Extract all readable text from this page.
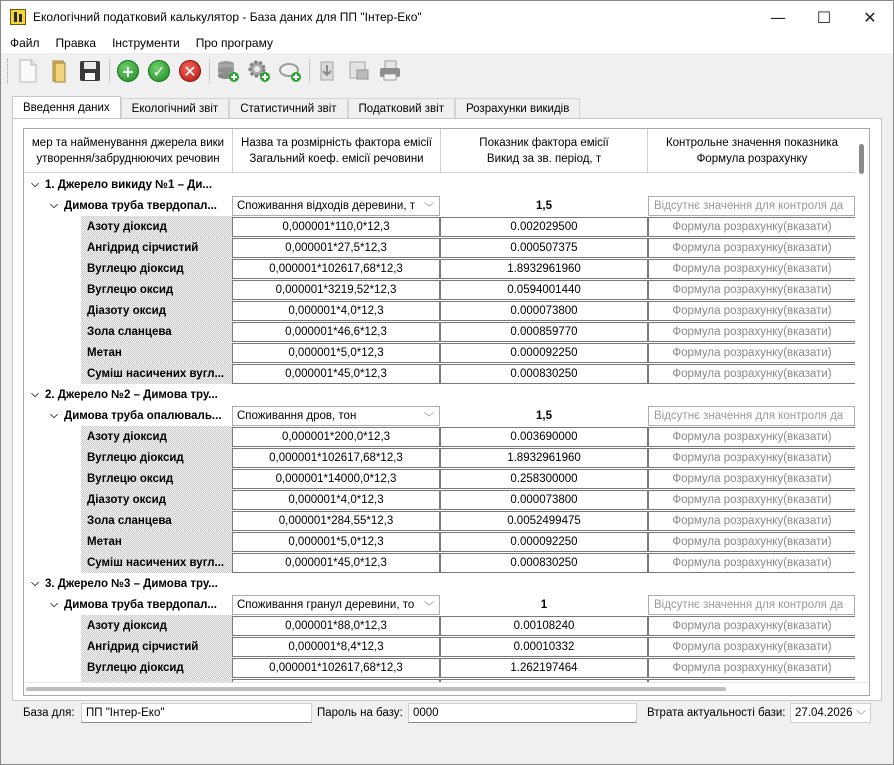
Екологічний податковий калькулятор - База даних для ПП "Інтер-Еко"	—	☐	✕
Файл	Правка	Інструменти	Про програму
+ ✓ ✕
Введення даних	Екологічний звіт	Статистичний звіт	Податковий звіт	Розрахунки викидів
мер та найменування джерела вики
утворення/забруднюючих речовин
Назва та розмірність фактора емісії
Загальний коеф. емісії речовини
Показник фактора емісії
Викид за зв. період, т
Контрольне значення показника
Формула розрахунку
⌵ 1. Джерело викиду №1 – Ди...
⌵ Димова труба твердопал... Споживання відходів деревини, т ﹀	1,5	Відсутнє значення для контроля да
Азоту діоксид	0,000001*110,0*12,3	0.002029500	Формула розрахунку(вказати)
Ангідрид сірчистий	0,000001*27,5*12,3	0.000507375	Формула розрахунку(вказати)
Вуглецю діоксид	0,000001*102617,68*12,3	1.8932961960	Формула розрахунку(вказати)
Вуглецю оксид	0,000001*3219,52*12,3	0.0594001440	Формула розрахунку(вказати)
Діазоту оксид	0,000001*4,0*12,3	0.000073800	Формула розрахунку(вказати)
Зола сланцева	0,000001*46,6*12,3	0.000859770	Формула розрахунку(вказати)
Метан	0,000001*5,0*12,3	0.000092250	Формула розрахунку(вказати)
Суміш насичених вугл...	0,000001*45,0*12,3	0.000830250	Формула розрахунку(вказати)
⌵ 2. Джерело №2 – Димова тру...
⌵ Димова труба опалюваль... Споживання дров, тон	﹀	1,5	Відсутнє значення для контроля да
Азоту діоксид	0,000001*200,0*12,3	0.003690000	Формула розрахунку(вказати)
Вуглецю діоксид	0,000001*102617,68*12,3	1.8932961960	Формула розрахунку(вказати)
Вуглецю оксид	0,000001*14000,0*12,3	0.258300000	Формула розрахунку(вказати)
Діазоту оксид	0,000001*4,0*12,3	0.000073800	Формула розрахунку(вказати)
Зола сланцева	0,000001*284,55*12,3	0.0052499475	Формула розрахунку(вказати)
Метан	0,000001*5,0*12,3	0.000092250	Формула розрахунку(вказати)
Суміш насичених вугл...	0,000001*45,0*12,3	0.000830250	Формула розрахунку(вказати)
⌵ 3. Джерело №3 – Димова тру...
⌵ Димова труба твердопал... Споживання гранул деревини, то ﹀	1	Відсутнє значення для контроля да
Азоту діоксид	0,000001*88,0*12,3	0.00108240	Формула розрахунку(вказати)
Ангідрид сірчистий	0,000001*8,4*12,3	0.00010332	Формула розрахунку(вказати)
Вуглецю діоксид	0,000001*102617,68*12,3	1.262197464	Формула розрахунку(вказати)
База для: ПП "Інтер-Еко"	Пароль на базу: 0000	Втрата актуальності бази: 27.04.2026 ﹀
